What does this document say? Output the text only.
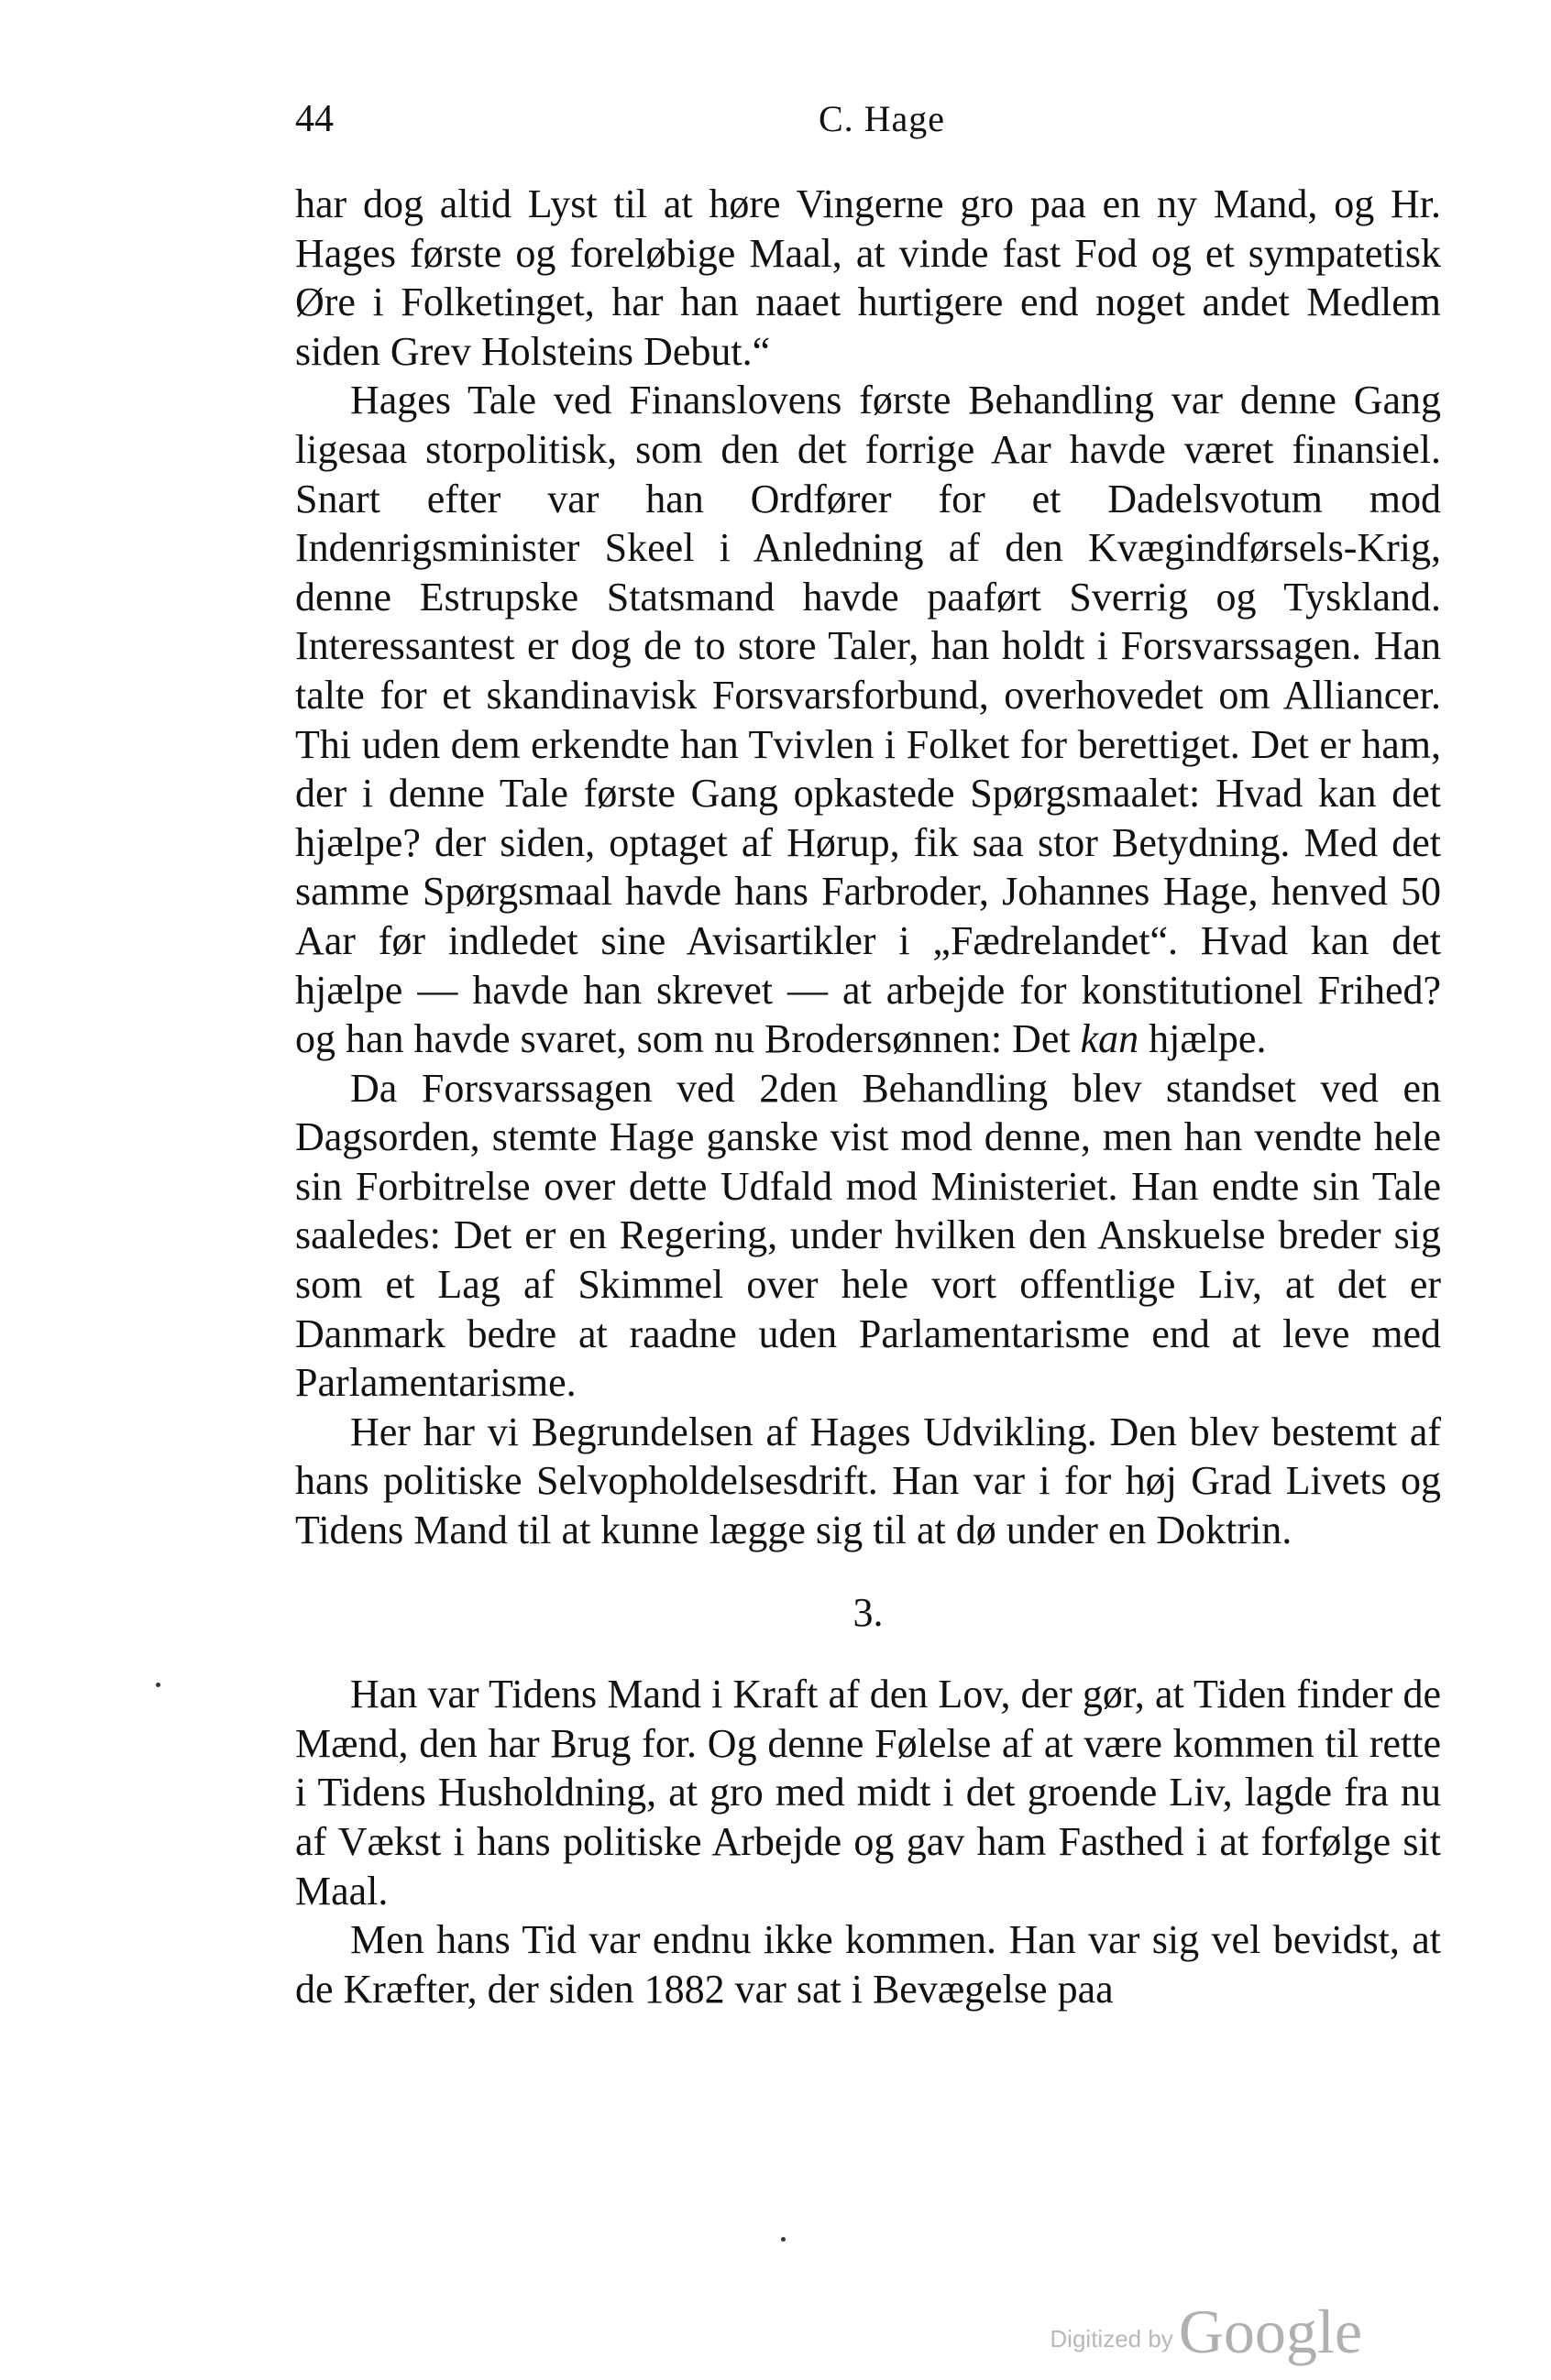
44	C. Hage

har dog altid Lyst til at høre Vingerne gro paa en ny Mand, og Hr. Hages første og foreløbige Maal, at vinde fast Fod og et sympatetisk Øre i Folketinget, har han naaet hurtigere end noget andet Medlem siden Grev Holsteins Debut.“

Hages Tale ved Finanslovens første Behandling var denne Gang ligesaa storpolitisk, som den det forrige Aar havde været finansiel. Snart efter var han Ordfører for et Dadelsvotum mod Indenrigsminister Skeel i Anledning af den Kvægindførsels-Krig, denne Estrupske Statsmand havde paaført Sverrig og Tyskland. Interessantest er dog de to store Taler, han holdt i Forsvarssagen. Han talte for et skandinavisk Forsvarsforbund, overhovedet om Alliancer. Thi uden dem erkendte han Tvivlen i Folket for berettiget. Det er ham, der i denne Tale første Gang opkastede Spørgsmaalet: Hvad kan det hjælpe? der siden, optaget af Hørup, fik saa stor Betydning. Med det samme Spørgsmaal havde hans Farbroder, Johannes Hage, henved 50 Aar før indledet sine Avisartikler i „Fædrelandet“. Hvad kan det hjælpe — havde han skrevet — at arbejde for konstitutionel Frihed? og han havde svaret, som nu Brodersønnen: Det kan hjælpe.

Da Forsvarssagen ved 2den Behandling blev standset ved en Dagsorden, stemte Hage ganske vist mod denne, men han vendte hele sin Forbitrelse over dette Udfald mod Ministeriet. Han endte sin Tale saaledes: Det er en Regering, under hvilken den Anskuelse breder sig som et Lag af Skimmel over hele vort offentlige Liv, at det er Danmark bedre at raadne uden Parlamentarisme end at leve med Parlamentarisme.

Her har vi Begrundelsen af Hages Udvikling. Den blev bestemt af hans politiske Selvopholdelsesdrift. Han var i for høj Grad Livets og Tidens Mand til at kunne lægge sig til at dø under en Doktrin.

3.

Han var Tidens Mand i Kraft af den Lov, der gør, at Tiden finder de Mænd, den har Brug for. Og denne Følelse af at være kommen til rette i Tidens Husholdning, at gro med midt i det groende Liv, lagde fra nu af Vækst i hans politiske Arbejde og gav ham Fasthed i at forfølge sit Maal.

Men hans Tid var endnu ikke kommen. Han var sig vel bevidst, at de Kræfter, der siden 1882 var sat i Bevægelse paa

Digitized by Google
